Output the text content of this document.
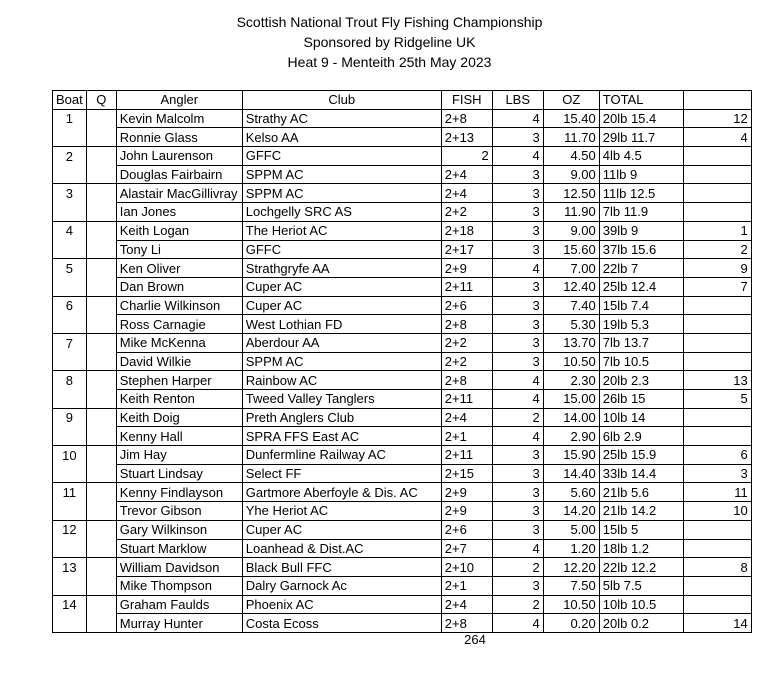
Scottish National Trout Fly Fishing Championship
Sponsored by Ridgeline UK
Heat 9 - Menteith 25th May 2023
Boat	Q	Angler	Club	FISH	LBS	OZ	TOTAL	
1		Kevin Malcolm	Strathy AC	2+8	4	15.40	20lb 15.4	12
		Ronnie Glass	Kelso AA	2+13	3	11.70	29lb 11.7	4
2		John Laurenson	GFFC	2	4	4.50	4lb 4.5	
		Douglas Fairbairn	SPPM AC	2+4	3	9.00	11lb 9	
3		Alastair MacGillivray	SPPM AC	2+4	3	12.50	11lb 12.5	
		Ian Jones	Lochgelly SRC AS	2+2	3	11.90	7lb 11.9	
4		Keith Logan	The Heriot AC	2+18	3	9.00	39lb 9	1
		Tony Li	GFFC	2+17	3	15.60	37lb 15.6	2
5		Ken Oliver	Strathgryfe AA	2+9	4	7.00	22lb 7	9
		Dan Brown	Cuper AC	2+11	3	12.40	25lb 12.4	7
6		Charlie Wilkinson	Cuper AC	2+6	3	7.40	15lb 7.4	
		Ross Carnagie	West Lothian FD	2+8	3	5.30	19lb 5.3	
7		Mike McKenna	Aberdour AA	2+2	3	13.70	7lb 13.7	
		David Wilkie	SPPM AC	2+2	3	10.50	7lb 10.5	
8		Stephen Harper	Rainbow AC	2+8	4	2.30	20lb 2.3	13
		Keith Renton	Tweed Valley Tanglers	2+11	4	15.00	26lb 15	5
9		Keith Doig	Preth Anglers Club	2+4	2	14.00	10lb 14	
		Kenny Hall	SPRA FFS East AC	2+1	4	2.90	6lb 2.9	
10		Jim Hay	Dunfermline Railway AC	2+11	3	15.90	25lb 15.9	6
		Stuart Lindsay	Select FF	2+15	3	14.40	33lb 14.4	3
11		Kenny Findlayson	Gartmore Aberfoyle & Dis. AC	2+9	3	5.60	21lb 5.6	11
		Trevor Gibson	Yhe Heriot AC	2+9	3	14.20	21lb 14.2	10
12		Gary Wilkinson	Cuper AC	2+6	3	5.00	15lb 5	
		Stuart Marklow	Loanhead & Dist.AC	2+7	4	1.20	18lb 1.2	
13		William Davidson	Black Bull FFC	2+10	2	12.20	22lb 12.2	8
		Mike Thompson	Dalry Garnock Ac	2+1	3	7.50	5lb 7.5	
14		Graham Faulds	Phoenix AC	2+4	2	10.50	10lb 10.5	
		Murray Hunter	Costa Ecoss	2+8	4	0.20	20lb 0.2	14
264
